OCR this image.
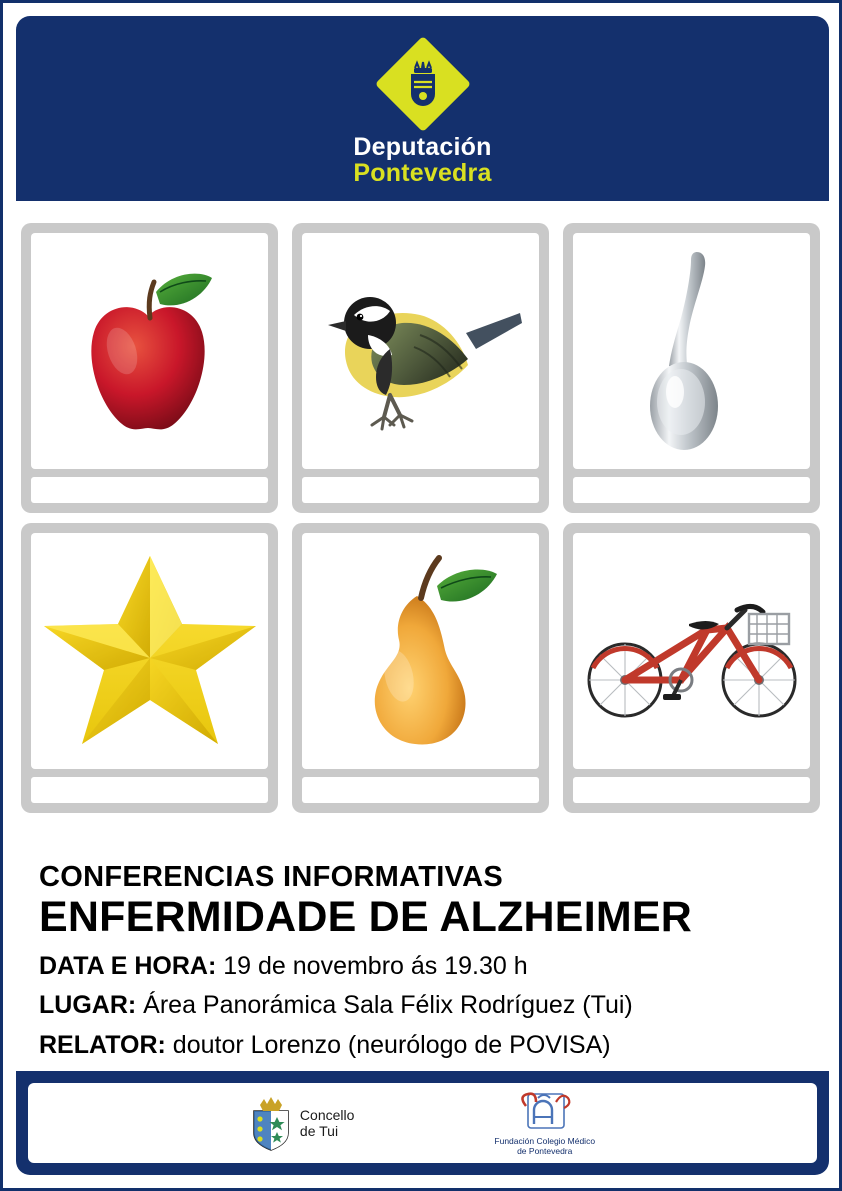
Deputación
Pontevedra
CONFERENCIAS INFORMATIVAS
ENFERMIDADE DE ALZHEIMER
DATA E HORA: 19 de novembro ás 19.30 h
LUGAR: Área Panorámica Sala Félix Rodríguez (Tui)
RELATOR: doutor Lorenzo (neurólogo de POVISA)
Concello
de Tui
Fundación Colegio Médico
de Pontevedra
